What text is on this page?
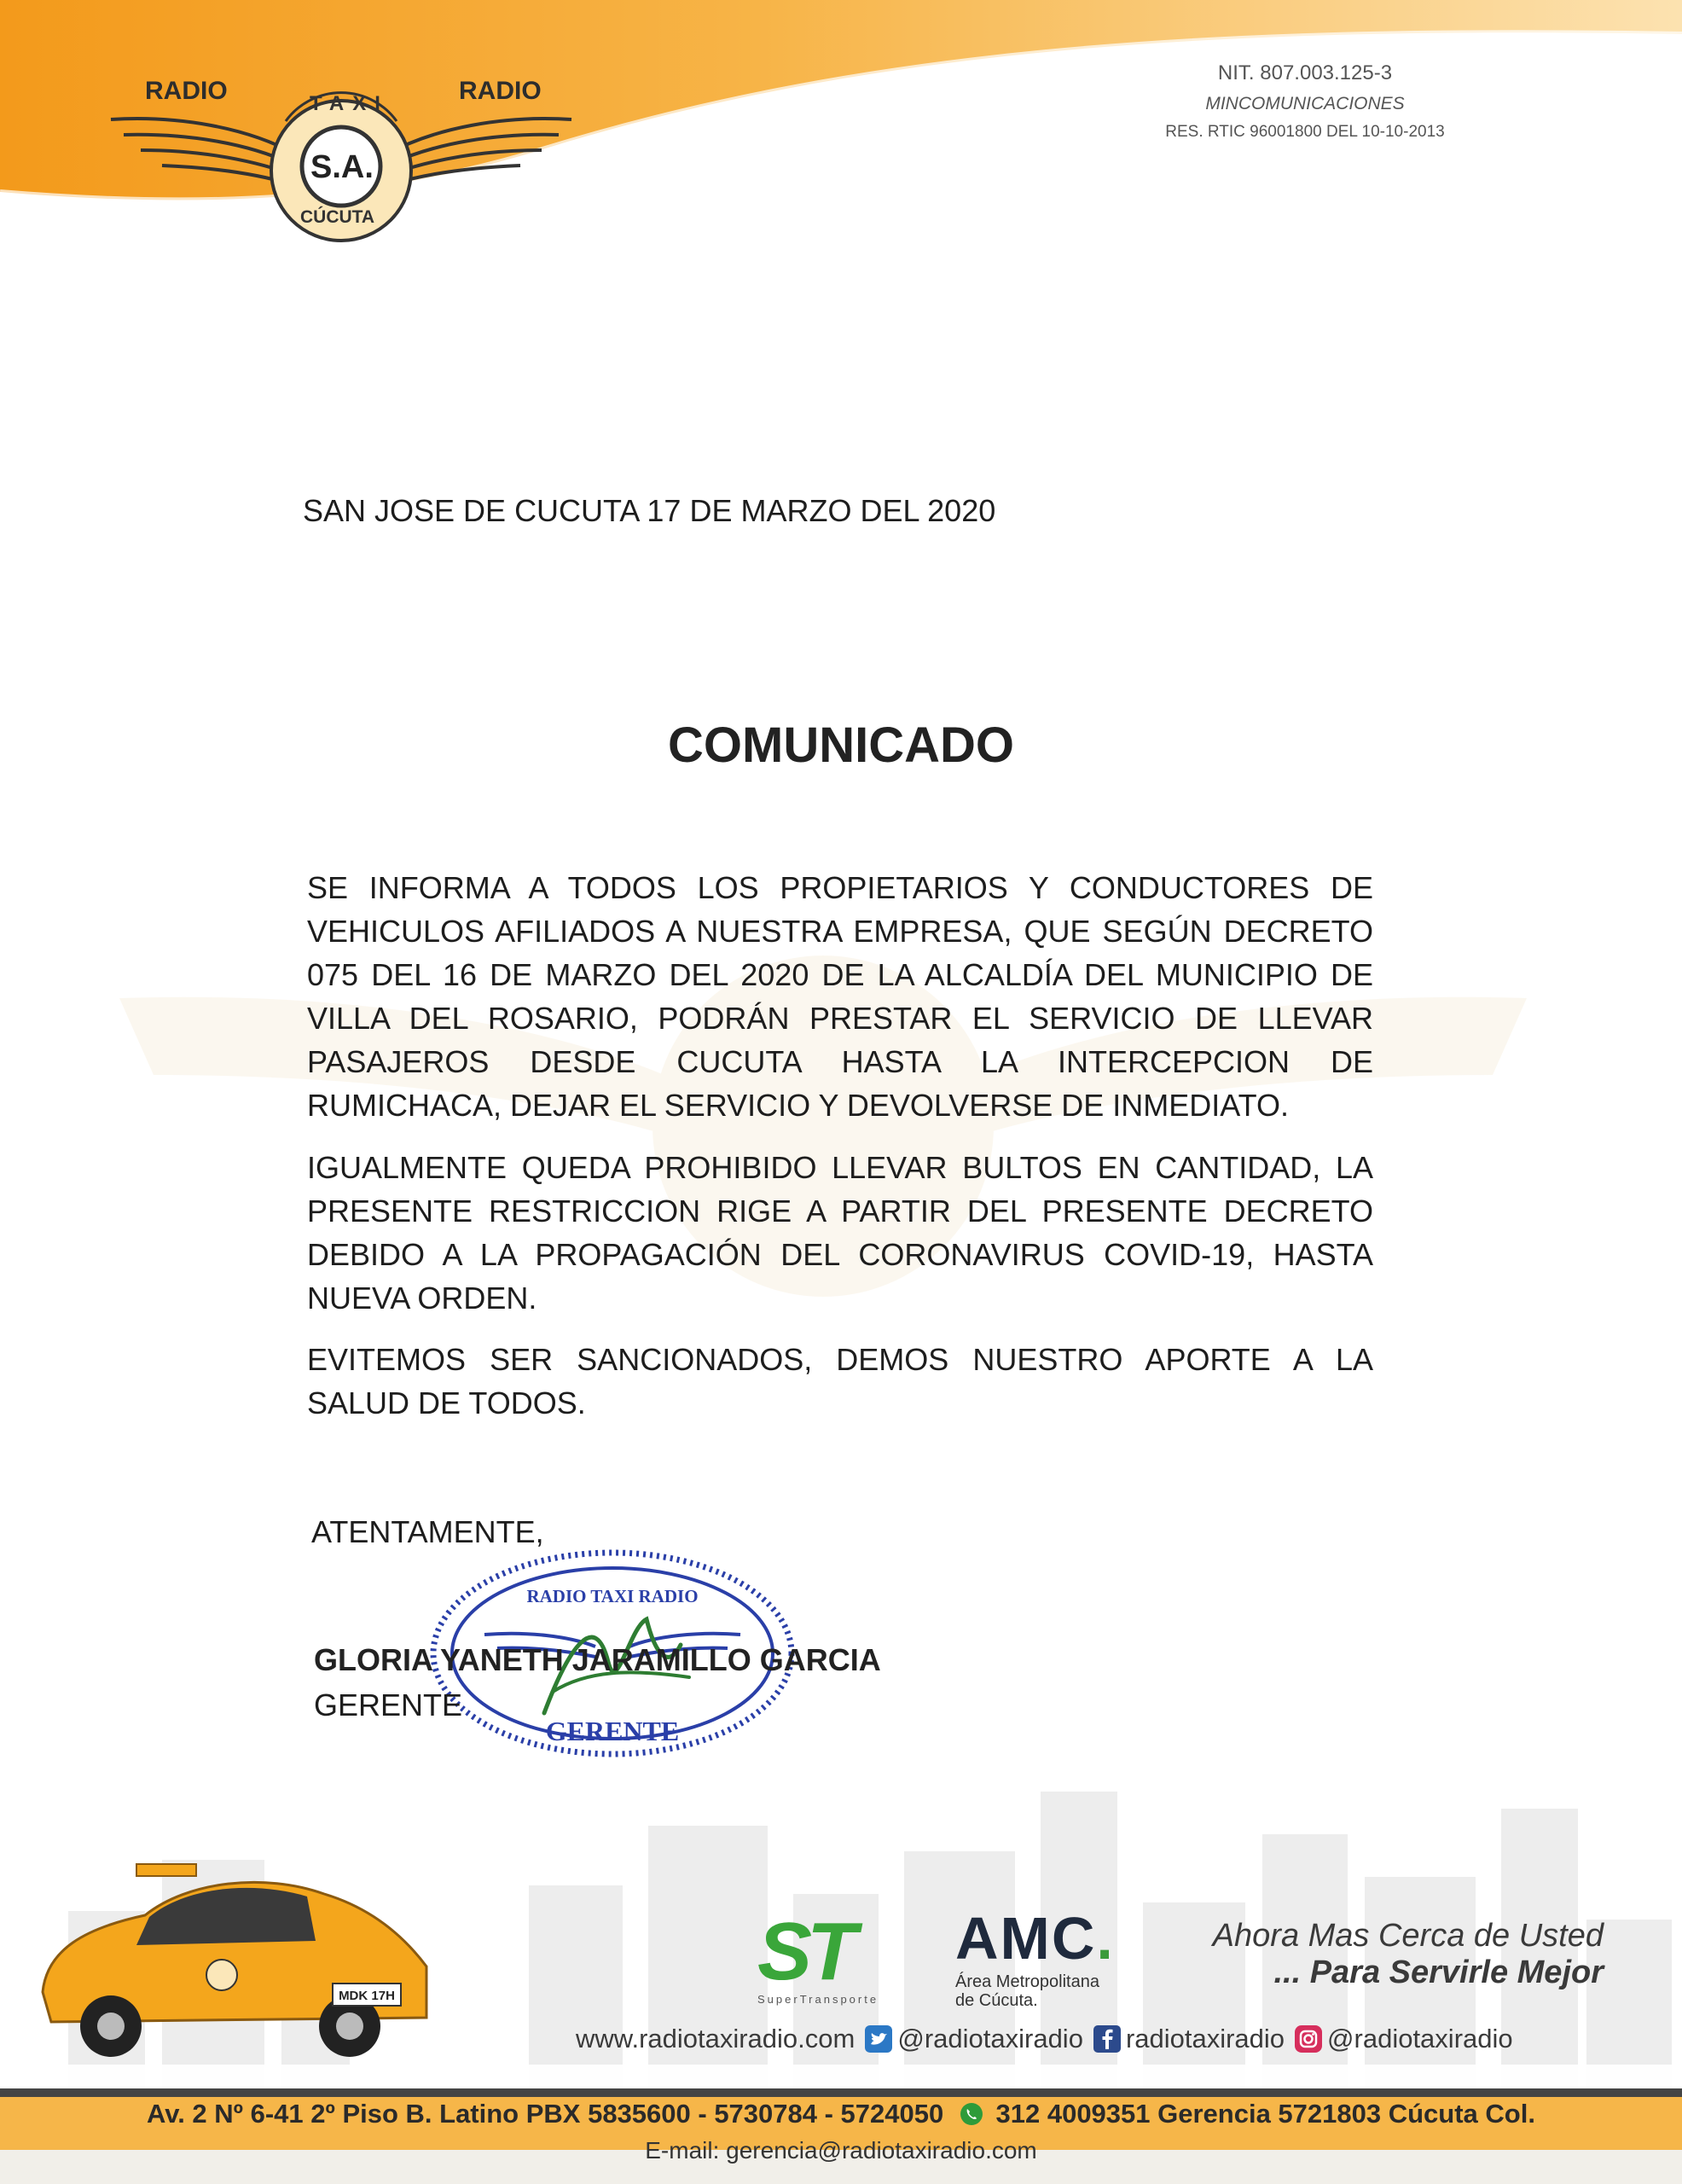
RADIO	RADIO
TAXI
S.A.
CÚCUTA
NIT. 807.003.125-3
MINCOMUNICACIONES
RES. RTIC 96001800 DEL 10-10-2013
SAN JOSE DE CUCUTA 17 DE MARZO DEL 2020
COMUNICADO
SE INFORMA A TODOS LOS PROPIETARIOS Y CONDUCTORES DE VEHICULOS AFILIADOS A NUESTRA EMPRESA, QUE SEGÚN DECRETO 075 DEL 16 DE MARZO DEL 2020 DE LA ALCALDÍA DEL MUNICIPIO DE VILLA DEL ROSARIO, PODRÁN PRESTAR EL SERVICIO DE LLEVAR PASAJEROS DESDE CUCUTA HASTA LA INTERCEPCION DE RUMICHACA, DEJAR EL SERVICIO Y DEVOLVERSE DE INMEDIATO.
IGUALMENTE QUEDA PROHIBIDO LLEVAR BULTOS EN CANTIDAD, LA PRESENTE RESTRICCION RIGE A PARTIR DEL PRESENTE DECRETO DEBIDO A LA PROPAGACIÓN DEL CORONAVIRUS COVID-19, HASTA NUEVA ORDEN.
EVITEMOS SER SANCIONADOS, DEMOS NUESTRO APORTE A LA SALUD DE TODOS.
ATENTAMENTE,
RADIO TAXI RADIO
GERENTE
GLORIA YANETH JARAMILLO GARCIA
GERENTE
MDK 17H	ST
SuperTransporte
AMC.
Área Metropolitana
de Cúcuta.
Ahora Mas Cerca de Usted
... Para Servirle Mejor
www.radiotaxiradio.com @radiotaxiradio radiotaxiradio @radiotaxiradio
Av. 2 Nº 6-41 2º Piso B. Latino PBX 5835600 - 5730784 - 5724050 312 4009351 Gerencia 5721803 Cúcuta Col.
E-mail: gerencia@radiotaxiradio.com
